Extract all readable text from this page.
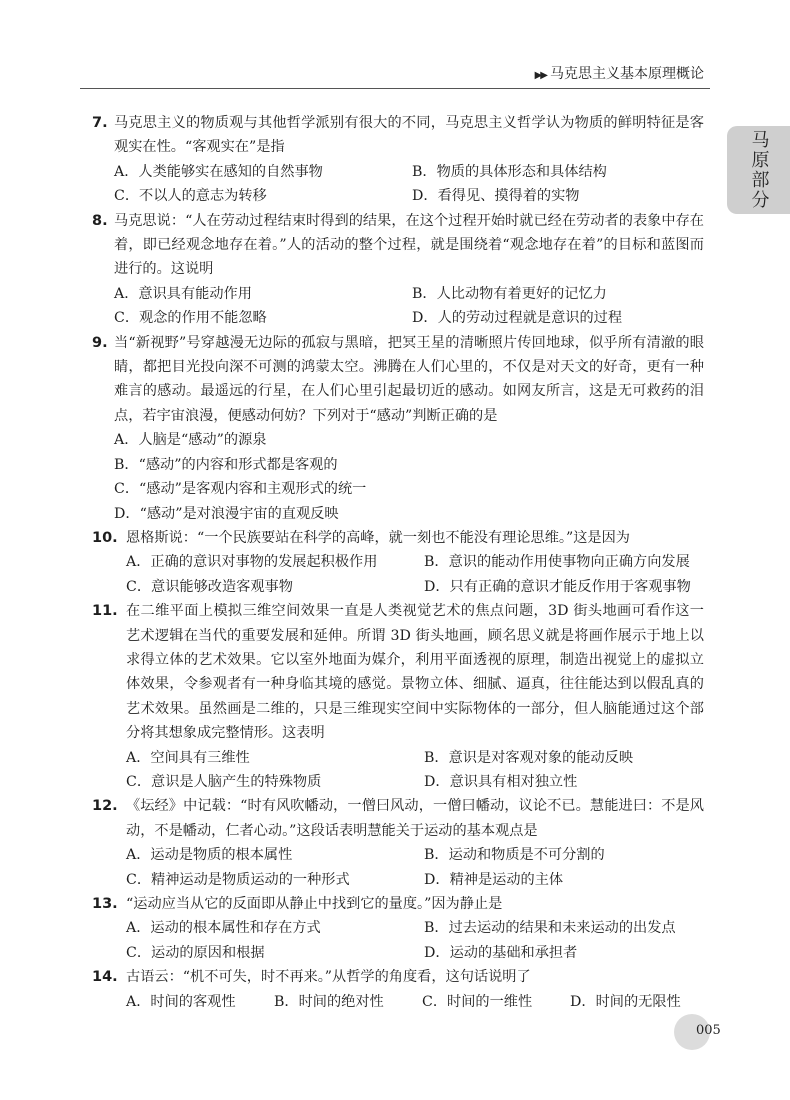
▶▶ 马克思主义基本原理概论
马原部分
7. 马克思主义的物质观与其他哲学派别有很大的不同，马克思主义哲学认为物质的鲜明特征是客观实在性。“客观实在”是指
A．人类能够实在感知的自然事物	B．物质的具体形态和具体结构
C．不以人的意志为转移	D．看得见、摸得着的实物
8. 马克思说：“人在劳动过程结束时得到的结果，在这个过程开始时就已经在劳动者的表象中存在着，即已经观念地存在着。”人的活动的整个过程，就是围绕着“观念地存在着”的目标和蓝图而进行的。这说明
A．意识具有能动作用	B．人比动物有着更好的记忆力
C．观念的作用不能忽略	D．人的劳动过程就是意识的过程
9. 当“新视野”号穿越漫无边际的孤寂与黑暗，把冥王星的清晰照片传回地球，似乎所有清澈的眼睛，都把目光投向深不可测的鸿蒙太空。沸腾在人们心里的，不仅是对天文的好奇，更有一种难言的感动。最遥远的行星，在人们心里引起最切近的感动。如网友所言，这是无可救药的泪点，若宇宙浪漫，便感动何妨？下列对于“感动”判断正确的是
A．人脑是“感动”的源泉
B．“感动”的内容和形式都是客观的
C．“感动”是客观内容和主观形式的统一
D．“感动”是对浪漫宇宙的直观反映
10. 恩格斯说：“一个民族要站在科学的高峰，就一刻也不能没有理论思维。”这是因为
A．正确的意识对事物的发展起积极作用	B．意识的能动作用使事物向正确方向发展
C．意识能够改造客观事物	D．只有正确的意识才能反作用于客观事物
11. 在二维平面上模拟三维空间效果一直是人类视觉艺术的焦点问题，3D 街头地画可看作这一艺术逻辑在当代的重要发展和延伸。所谓 3D 街头地画，顾名思义就是将画作展示于地上以求得立体的艺术效果。它以室外地面为媒介，利用平面透视的原理，制造出视觉上的虚拟立体效果，令参观者有一种身临其境的感觉。景物立体、细腻、逼真，往往能达到以假乱真的艺术效果。虽然画是二维的，只是三维现实空间中实际物体的一部分，但人脑能通过这个部分将其想象成完整情形。这表明
A．空间具有三维性	B．意识是对客观对象的能动反映
C．意识是人脑产生的特殊物质	D．意识具有相对独立性
12. 《坛经》中记载：“时有风吹幡动，一僧曰风动，一僧曰幡动，议论不已。慧能进曰：不是风动，不是幡动，仁者心动。”这段话表明慧能关于运动的基本观点是
A．运动是物质的根本属性	B．运动和物质是不可分割的
C．精神运动是物质运动的一种形式	D．精神是运动的主体
13. “运动应当从它的反面即从静止中找到它的量度。”因为静止是
A．运动的根本属性和存在方式	B．过去运动的结果和未来运动的出发点
C．运动的原因和根据	D．运动的基础和承担者
14. 古语云：“机不可失，时不再来。”从哲学的角度看，这句话说明了
A．时间的客观性	B．时间的绝对性	C．时间的一维性	D．时间的无限性
005
